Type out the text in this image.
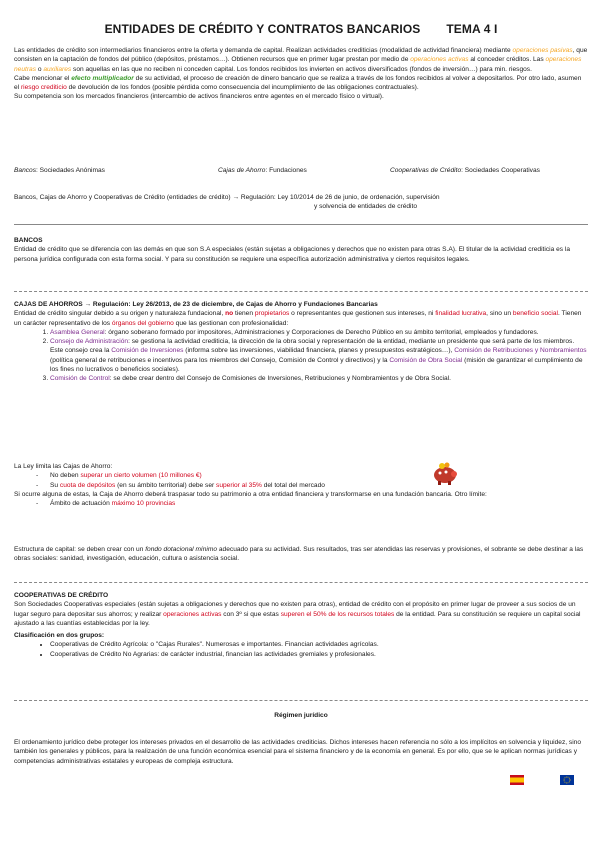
ENTIDADES DE CRÉDITO Y CONTRATOS BANCARIOS TEMA 4 I

Las entidades de crédito son intermediarios financieros entre la oferta y demanda de capital. Realizan actividades crediticias (modalidad de actividad financiera) mediante operaciones pasivas, que consisten en la captación de fondos del público (depósitos, préstamos…). Obtienen recursos que en primer lugar prestan por medio de operaciones activas al conceder créditos. Las operaciones neutras o auxiliares son aquellas en las que no reciben ni conceden capital. Los fondos recibidos los invierten en activos diversificados (fondos de inversión…) para min. riesgos.

Cabe mencionar el efecto multiplicador de su actividad, el proceso de creación de dinero bancario que se realiza a través de los fondos recibidos al volver a depositarlos. Por otro lado, asumen el riesgo crediticio de devolución de los fondos (posible pérdida como consecuencia del incumplimiento de las obligaciones contractuales).

Su competencia son los mercados financieros (intercambio de activos financieros entre agentes en el mercado físico o virtual).

Bancos: Sociedades Anónimas	Cajas de Ahorro: Fundaciones	Cooperativas de Crédito: Sociedades Cooperativas

Bancos, Cajas de Ahorro y Cooperativas de Crédito (entidades de crédito) → Regulación: Ley 10/2014 de 26 de junio, de ordenación, supervisión

y solvencia de entidades de crédito

BANCOS

Entidad de crédito que se diferencia con las demás en que son S.A especiales (están sujetas a obligaciones y derechos que no existen para otras S.A). El titular de la actividad crediticia es la persona jurídica configurada con esta forma social. Y para su constitución se requiere una específica autorización administrativa y ciertos requisitos legales.

CAJAS DE AHORROS → Regulación: Ley 26/2013, de 23 de diciembre, de Cajas de Ahorro y Fundaciones Bancarias

Entidad de crédito singular debido a su origen y naturaleza fundacional, no tienen propietarios o representantes que gestionen sus intereses, ni finalidad lucrativa, sino un beneficio social. Tienen un carácter representativo de los órganos del gobierno que las gestionan con profesionalidad:

1. Asamblea General: órgano soberano formado por impositores, Administraciones y Corporaciones de Derecho Público en su ámbito territorial, empleados y fundadores.
2. Consejo de Administración: se gestiona la actividad crediticia, la dirección de la obra social y representación de la entidad, mediante un presidente que será parte de los miembros. Este consejo crea la Comisión de Inversiones (informa sobre las inversiones, viabilidad financiera, planes y presupuestos estratégicos…), Comisión de Retribuciones y Nombramientos (política general de retribuciones e incentivos para los miembros del Consejo, Comisión de Control y directivos) y la Comisión de Obra Social (misión de garantizar el cumplimiento de los fines no lucrativos o beneficios sociales).
3. Comisión de Control: se debe crear dentro del Consejo de Comisiones de Inversiones, Retribuciones y Nombramientos y de Obra Social.

La Ley limita las Cajas de Ahorro:

- No deben superar un cierto volumen (10 millones €)
- Su cuota de depósitos (en su ámbito territorial) debe ser superior al 35% del total del mercado

Si ocurre alguna de estas, la Caja de Ahorro deberá traspasar todo su patrimonio a otra entidad financiera y transformarse en una fundación bancaria. Otro límite:

- Ámbito de actuación máximo 10 provincias

Estructura de capital: se deben crear con un fondo dotacional mínimo adecuado para su actividad. Sus resultados, tras ser atendidas las reservas y provisiones, el sobrante se debe destinar a las obras sociales: sanidad, investigación, educación, cultura o asistencia social.

COOPERATIVAS DE CRÉDITO

Son Sociedades Cooperativas especiales (están sujetas a obligaciones y derechos que no existen para otras), entidad de crédito con el propósito en primer lugar de proveer a sus socios de un lugar seguro para depositar sus ahorros; y realizar operaciones activas con 3º si que estas superen el 50% de los recursos totales de la entidad. Para su constitución se requiere un capital social ajustado a las cuantías establecidas por la ley.

Clasificación en dos grupos:

• Cooperativas de Crédito Agrícola: o "Cajas Rurales". Numerosas e importantes. Financian actividades agrícolas.
• Cooperativas de Crédito No Agrarias: de carácter industrial, financian las actividades gremiales y profesionales.

Régimen jurídico

El ordenamiento jurídico debe proteger los intereses privados en el desarrollo de las actividades crediticias. Dichos intereses hacen referencia no sólo a los implícitos en solvencia y liquidez, sino también los generales y públicos, para la realización de una función económica esencial para el sistema financiero y de la economía en general. Es por ello, que se le aplican normas jurídicas y competencias administrativas estatales y europeas de compleja estructura.
